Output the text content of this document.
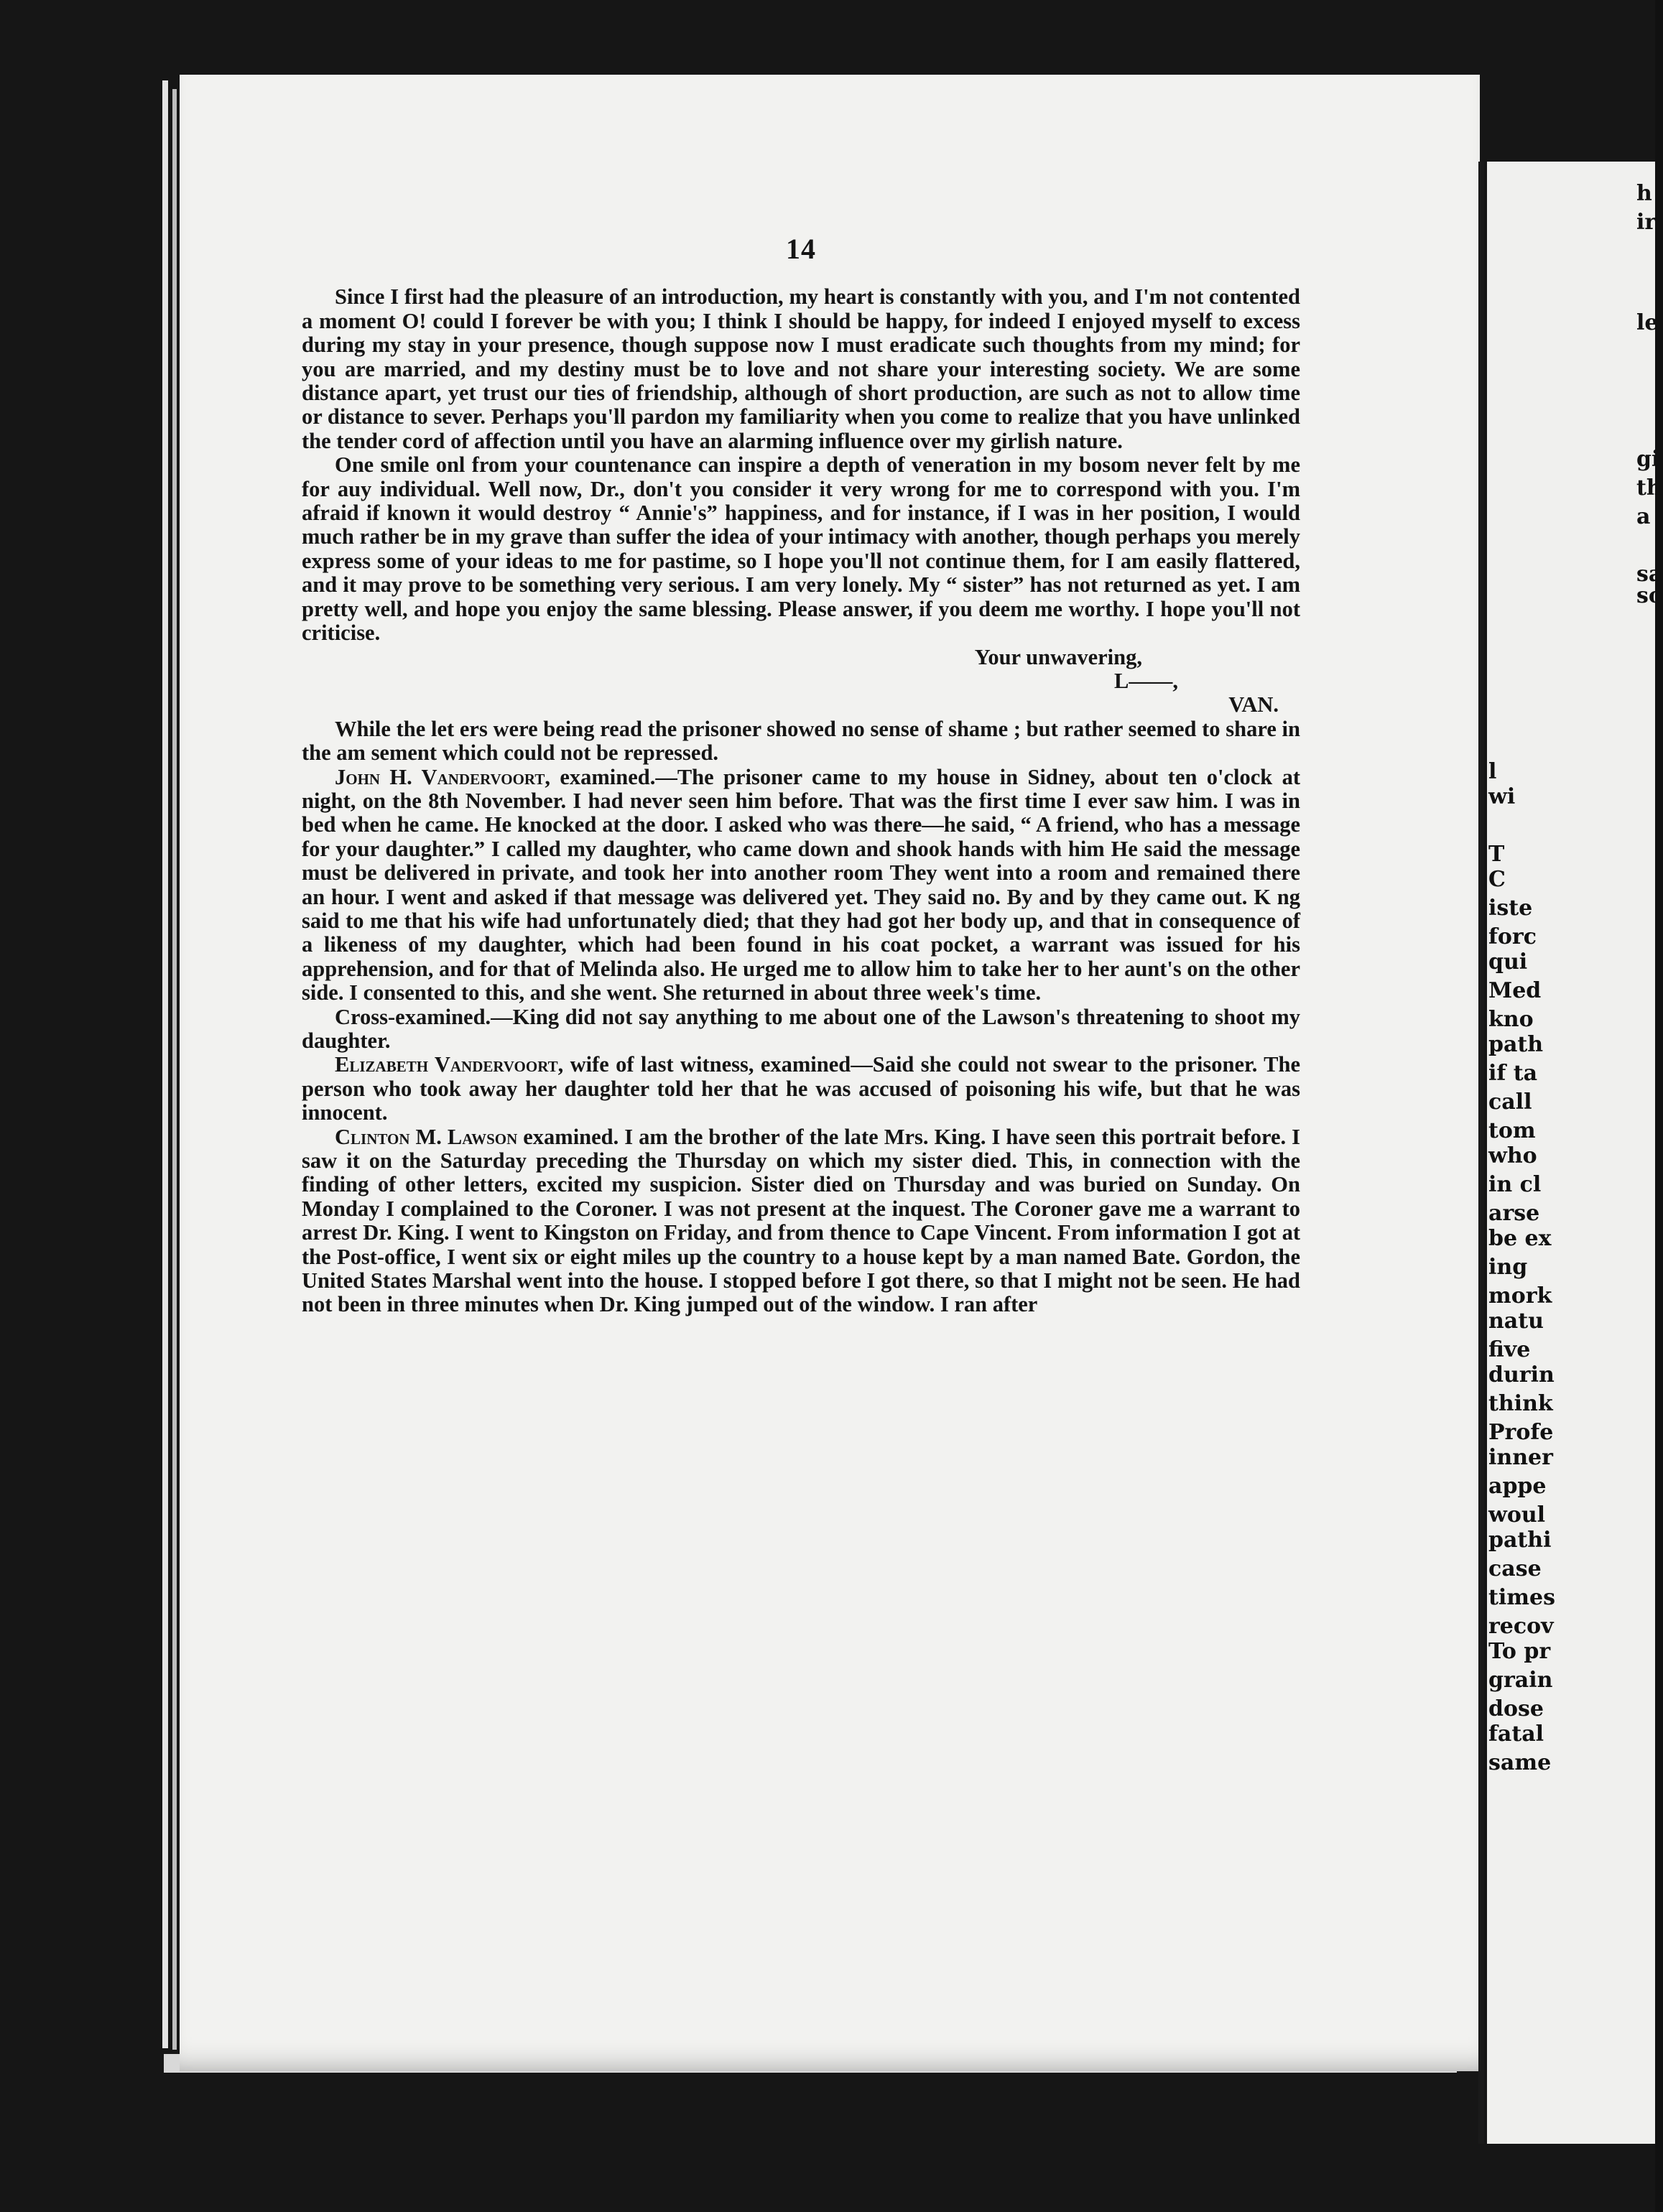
14

Since I first had the pleasure of an introduction, my heart is constantly with you, and I'm not contented a moment O! could I forever be with you; I think I should be happy, for indeed I enjoyed myself to excess during my stay in your presence, though suppose now I must eradicate such thoughts from my mind; for you are married, and my destiny must be to love and not share your interesting society. We are some distance apart, yet trust our ties of friendship, although of short production, are such as not to allow time or distance to sever. Perhaps you'll pardon my familiarity when you come to realize that you have unlinked the tender cord of affection until you have an alarming influence over my girlish nature.

One smile onl from your countenance can inspire a depth of veneration in my bosom never felt by me for auy individual. Well now, Dr., don't you consider it very wrong for me to correspond with you. I'm afraid if known it would destroy “ Annie's” happiness, and for instance, if I was in her position, I would much rather be in my grave than suffer the idea of your intimacy with another, though perhaps you merely express some of your ideas to me for pastime, so I hope you'll not continue them, for I am easily flattered, and it may prove to be something very serious. I am very lonely. My “ sister” has not returned as yet. I am pretty well, and hope you enjoy the same blessing. Please answer, if you deem me worthy. I hope you'll not criticise.

Your unwavering,

L——,

VAN.

While the let ers were being read the prisoner showed no sense of shame ; but rather seemed to share in the am sement which could not be repressed.

John H. Vandervoort, examined.—The prisoner came to my house in Sidney, about ten o'clock at night, on the 8th November. I had never seen him before. That was the first time I ever saw him. I was in bed when he came. He knocked at the door. I asked who was there—he said, “ A friend, who has a message for your daughter.” I called my daughter, who came down and shook hands with him He said the message must be delivered in private, and took her into another room They went into a room and remained there an hour. I went and asked if that message was delivered yet. They said no. By and by they came out. K ng said to me that his wife had unfortunately died; that they had got her body up, and that in consequence of a likeness of my daughter, which had been found in his coat pocket, a warrant was issued for his apprehension, and for that of Melinda also. He urged me to allow him to take her to her aunt's on the other side. I consented to this, and she went. She returned in about three week's time.

Cross-examined.—King did not say anything to me about one of the Lawson's threatening to shoot my daughter.

Elizabeth Vandervoort, wife of last witness, examined—Said she could not swear to the prisoner. The person who took away her daughter told her that he was accused of poisoning his wife, but that he was innocent.

Clinton M. Lawson examined. I am the brother of the late Mrs. King. I have seen this portrait before. I saw it on the Saturday preceding the Thursday on which my sister died. This, in connection with the finding of other letters, excited my suspicion. Sister died on Thursday and was buried on Sunday. On Monday I complained to the Coroner. I was not present at the inquest. The Coroner gave me a warrant to arrest Dr. King. I went to Kingston on Friday, and from thence to Cape Vincent. From information I got at the Post-office, I went six or eight miles up the country to a house kept by a man named Bate. Gordon, the United States Marshal went into the house. I stopped before I got there, so that I might not be seen. He had not been in three minutes when Dr. King jumped out of the window. I ran after

h
ir
le
gi
th
a
sa
so
l
wi
T
C
iste
forc
qui
Med
kno
path
if ta
call
tom
who
in cl
arse
be ex
ing
mork
natu
five
durin
think
Profe
inner
appe
woul
pathi
case
times
recov
To pr
grain
dose
fatal
same
